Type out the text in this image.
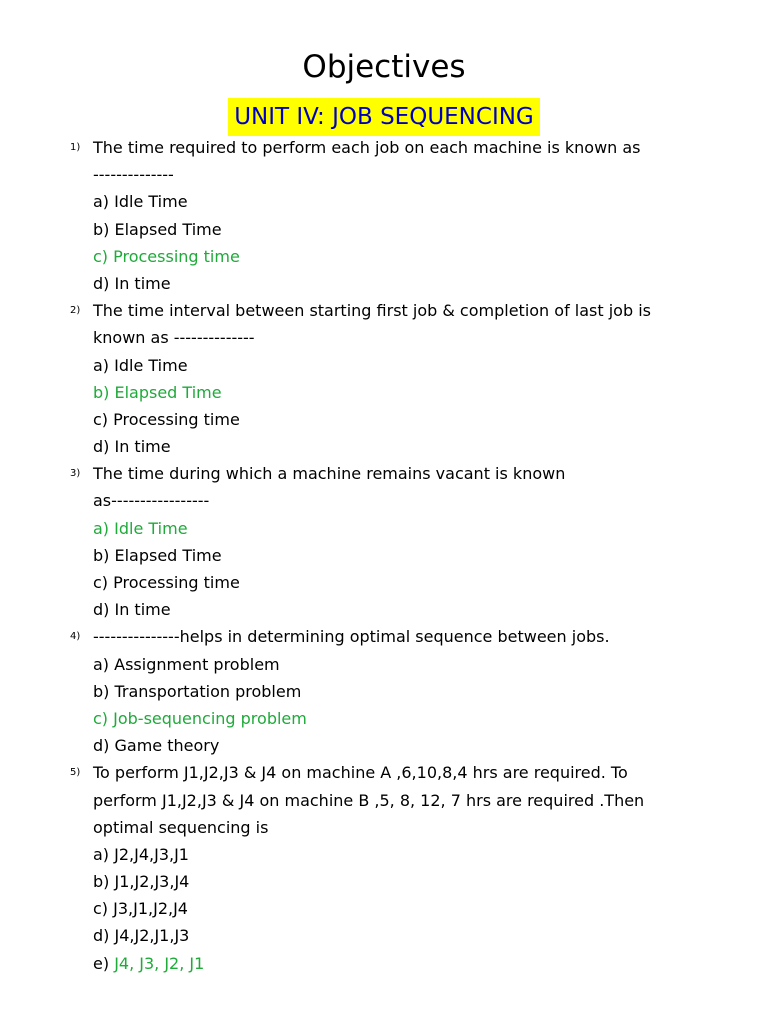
Objectives
UNIT IV: JOB SEQUENCING
1) The time required to perform each job on each machine is known as
--------------
a) Idle Time
b) Elapsed Time
c) Processing time
d) In time
2) The time interval between starting first job & completion of last job is
known as --------------
a) Idle Time
b) Elapsed Time
c) Processing time
d) In time
3) The time during which a machine remains vacant is known
as-----------------
a) Idle Time
b) Elapsed Time
c) Processing time
d) In time
4) ---------------helps in determining optimal sequence between jobs.
a) Assignment problem
b) Transportation problem
c) Job-sequencing problem
d) Game theory
5) To perform J1,J2,J3 & J4 on machine A ,6,10,8,4 hrs are required. To
perform J1,J2,J3 & J4 on machine B ,5, 8, 12, 7 hrs are required .Then
optimal sequencing is
a) J2,J4,J3,J1
b) J1,J2,J3,J4
c) J3,J1,J2,J4
d) J4,J2,J1,J3
e) J4, J3, J2, J1
